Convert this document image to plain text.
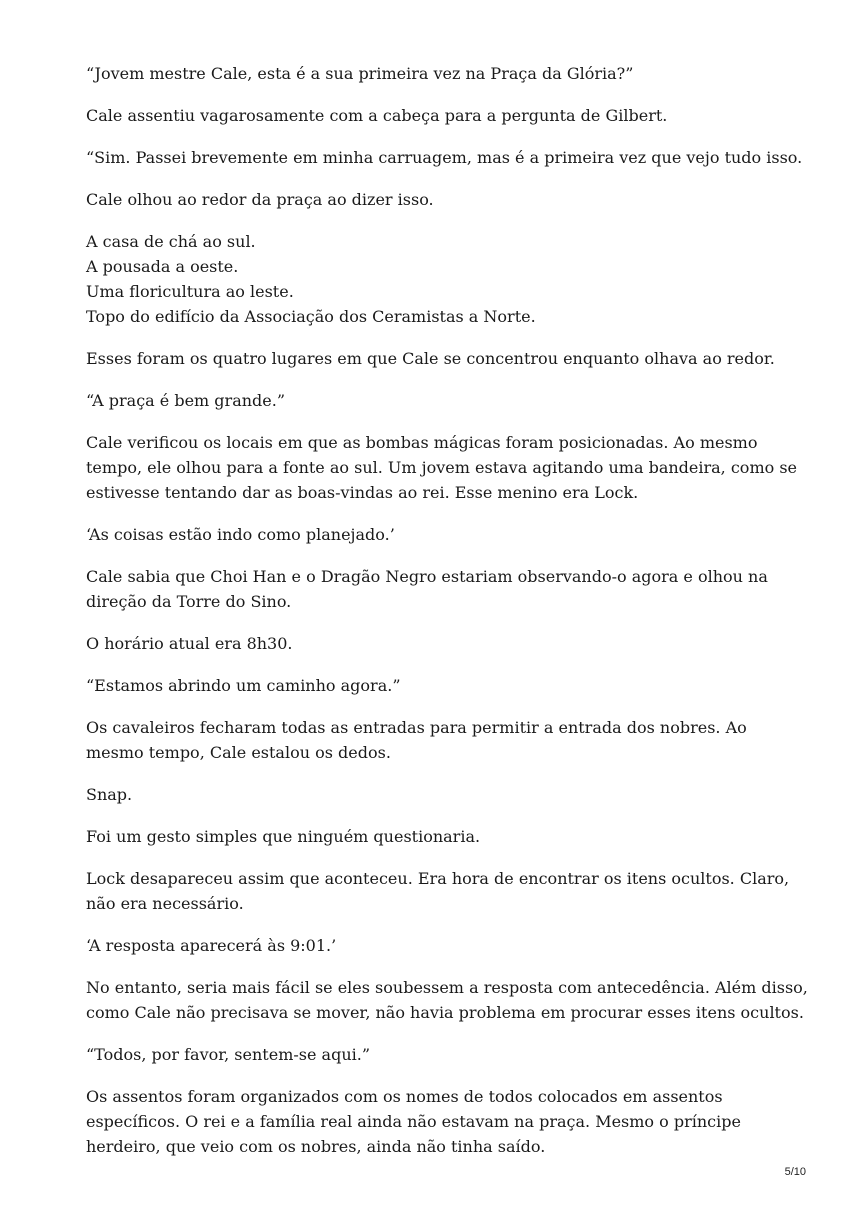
“Jovem mestre Cale, esta é a sua primeira vez na Praça da Glória?”

Cale assentiu vagarosamente com a cabeça para a pergunta de Gilbert.

“Sim. Passei brevemente em minha carruagem, mas é a primeira vez que vejo tudo isso.

Cale olhou ao redor da praça ao dizer isso.

A casa de chá ao sul.
A pousada a oeste.
Uma floricultura ao leste.
Topo do edifício da Associação dos Ceramistas a Norte.

Esses foram os quatro lugares em que Cale se concentrou enquanto olhava ao redor.

“A praça é bem grande.”

Cale verificou os locais em que as bombas mágicas foram posicionadas. Ao mesmo
tempo, ele olhou para a fonte ao sul. Um jovem estava agitando uma bandeira, como se
estivesse tentando dar as boas-vindas ao rei. Esse menino era Lock.

‘As coisas estão indo como planejado.’

Cale sabia que Choi Han e o Dragão Negro estariam observando-o agora e olhou na
direção da Torre do Sino.

O horário atual era 8h30.

“Estamos abrindo um caminho agora.”

Os cavaleiros fecharam todas as entradas para permitir a entrada dos nobres. Ao
mesmo tempo, Cale estalou os dedos.

Snap.

Foi um gesto simples que ninguém questionaria.

Lock desapareceu assim que aconteceu. Era hora de encontrar os itens ocultos. Claro,
não era necessário.

‘A resposta aparecerá às 9:01.’

No entanto, seria mais fácil se eles soubessem a resposta com antecedência. Além disso,
como Cale não precisava se mover, não havia problema em procurar esses itens ocultos.

“Todos, por favor, sentem-se aqui.”

Os assentos foram organizados com os nomes de todos colocados em assentos
específicos. O rei e a família real ainda não estavam na praça. Mesmo o príncipe
herdeiro, que veio com os nobres, ainda não tinha saído.

5/10
